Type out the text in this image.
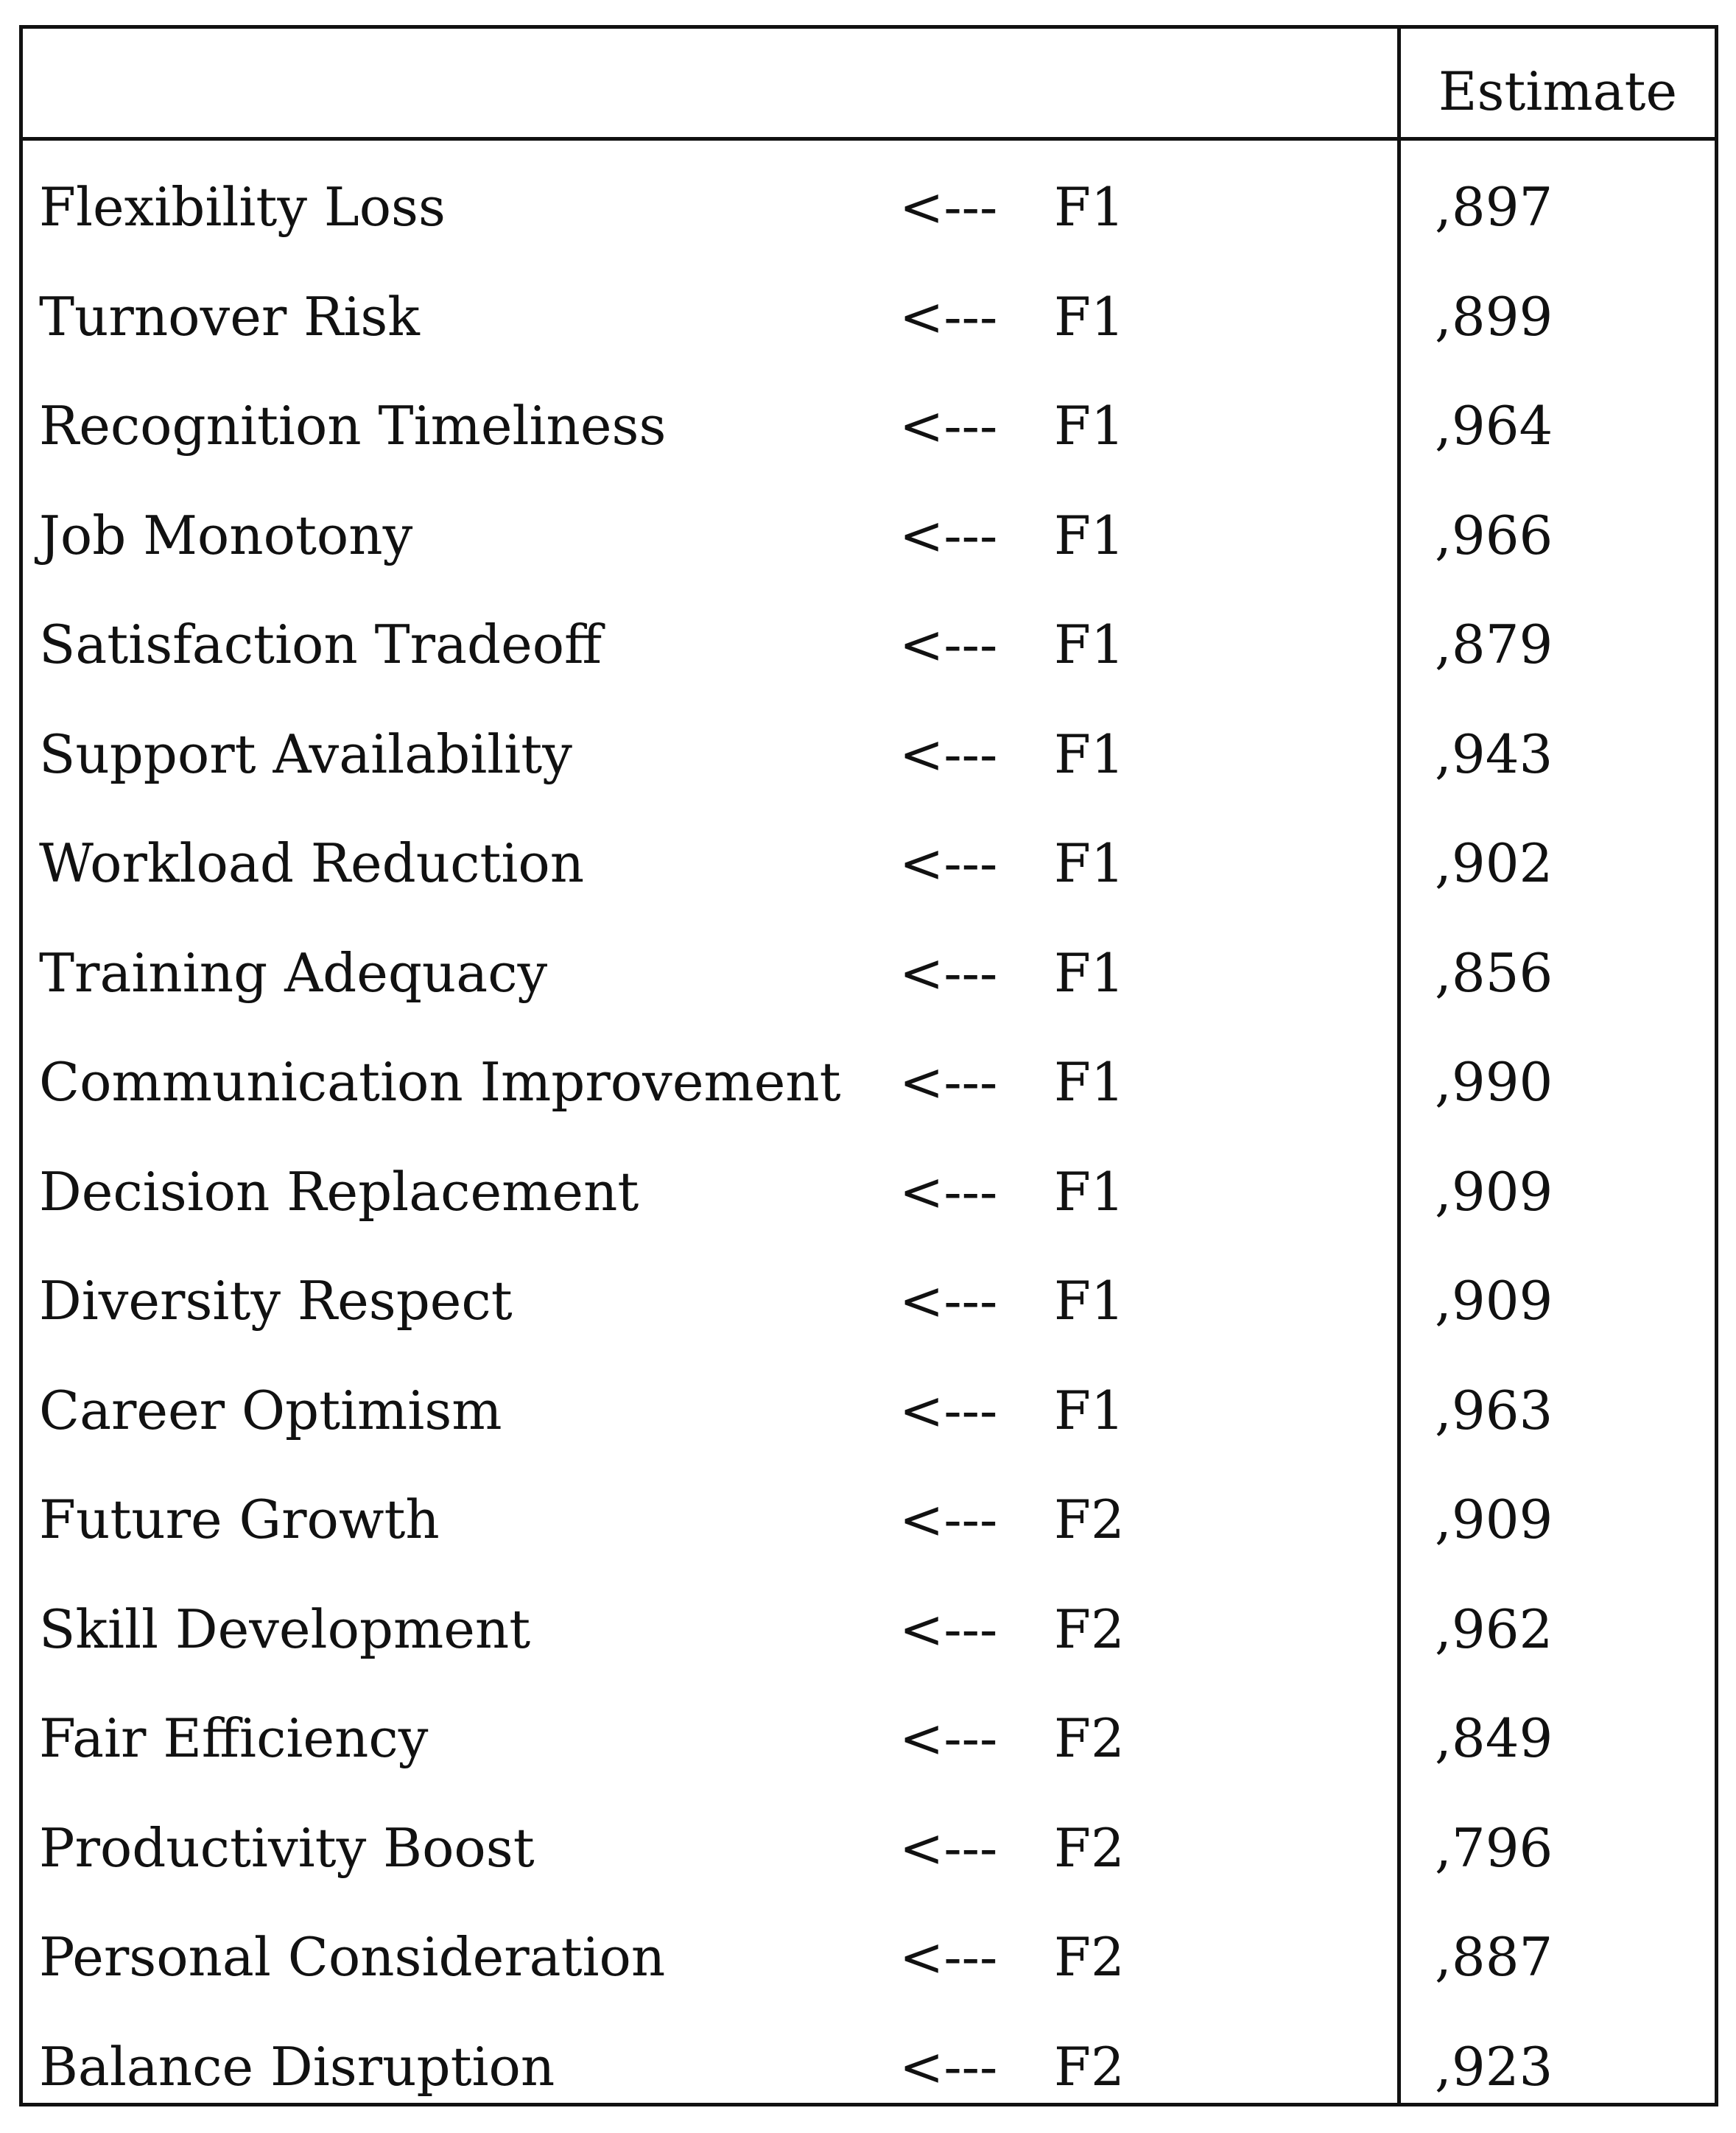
Estimate
Flexibility Loss	<--- F1	,897
Turnover Risk	<--- F1	,899
Recognition Timeliness	<--- F1	,964
Job Monotony	<--- F1	,966
Satisfaction Tradeoff	<--- F1	,879
Support Availability	<--- F1	,943
Workload Reduction	<--- F1	,902
Training Adequacy	<--- F1	,856
Communication Improvement <--- F1	,990
Decision Replacement	<--- F1	,909
Diversity Respect	<--- F1	,909
Career Optimism	<--- F1	,963
Future Growth	<--- F2	,909
Skill Development	<--- F2	,962
Fair Efficiency	<--- F2	,849
Productivity Boost	<--- F2	,796
Personal Consideration	<--- F2	,887
Balance Disruption	<--- F2	,923
